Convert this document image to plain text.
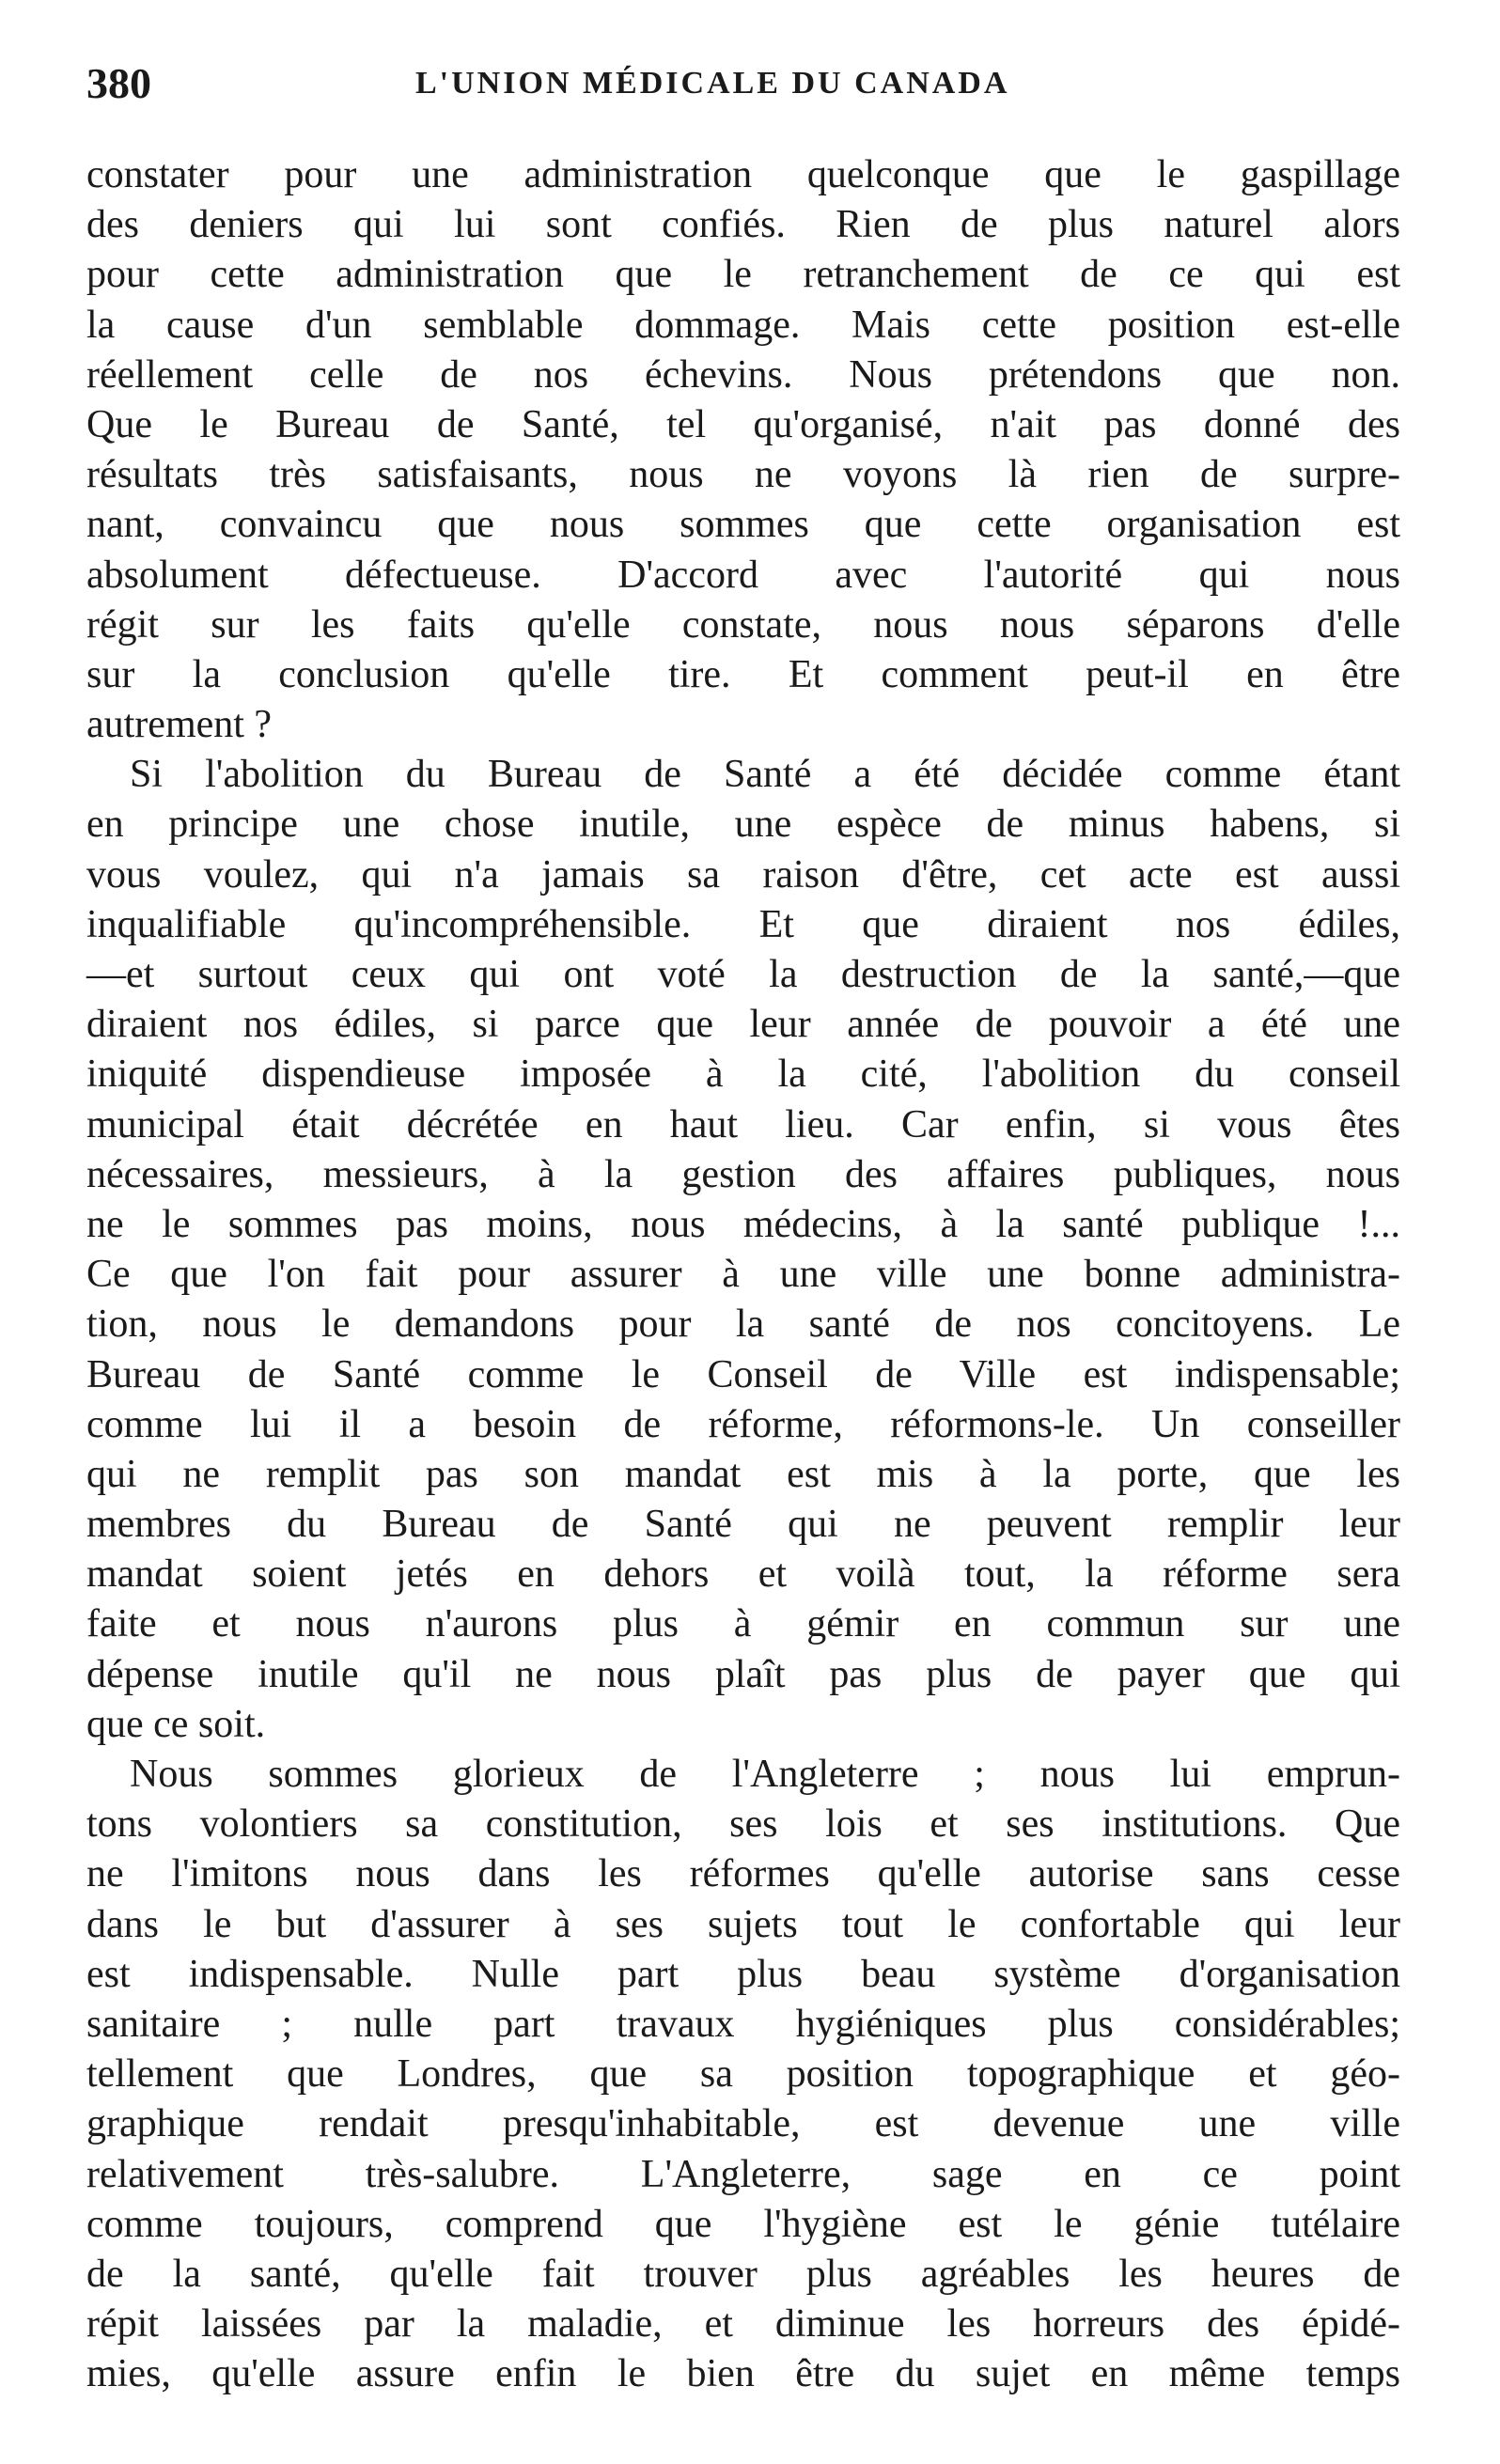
380	L'UNION MÉDICALE DU CANADA
constater pour une administration quelconque que le gaspillage
des deniers qui lui sont confiés. Rien de plus naturel alors
pour cette administration que le retranchement de ce qui est
la cause d'un semblable dommage. Mais cette position est-elle
réellement celle de nos échevins. Nous prétendons que non.
Que le Bureau de Santé, tel qu'organisé, n'ait pas donné des
résultats très satisfaisants, nous ne voyons là rien de surpre-
nant, convaincu que nous sommes que cette organisation est
absolument défectueuse. D'accord avec l'autorité qui nous
régit sur les faits qu'elle constate, nous nous séparons d'elle
sur la conclusion qu'elle tire. Et comment peut-il en être
autrement ?
Si l'abolition du Bureau de Santé a été décidée comme étant
en principe une chose inutile, une espèce de minus habens, si
vous voulez, qui n'a jamais sa raison d'être, cet acte est aussi
inqualifiable qu'incompréhensible. Et que diraient nos édiles,
—et surtout ceux qui ont voté la destruction de la santé,—que
diraient nos édiles, si parce que leur année de pouvoir a été une
iniquité dispendieuse imposée à la cité, l'abolition du conseil
municipal était décrétée en haut lieu. Car enfin, si vous êtes
nécessaires, messieurs, à la gestion des affaires publiques, nous
ne le sommes pas moins, nous médecins, à la santé publique !...
Ce que l'on fait pour assurer à une ville une bonne administra-
tion, nous le demandons pour la santé de nos concitoyens. Le
Bureau de Santé comme le Conseil de Ville est indispensable;
comme lui il a besoin de réforme, réformons-le. Un conseiller
qui ne remplit pas son mandat est mis à la porte, que les
membres du Bureau de Santé qui ne peuvent remplir leur
mandat soient jetés en dehors et voilà tout, la réforme sera
faite et nous n'aurons plus à gémir en commun sur une
dépense inutile qu'il ne nous plaît pas plus de payer que qui
que ce soit.
Nous sommes glorieux de l'Angleterre ; nous lui emprun-
tons volontiers sa constitution, ses lois et ses institutions. Que
ne l'imitons nous dans les réformes qu'elle autorise sans cesse
dans le but d'assurer à ses sujets tout le confortable qui leur
est indispensable. Nulle part plus beau système d'organisation
sanitaire ; nulle part travaux hygiéniques plus considérables;
tellement que Londres, que sa position topographique et géo-
graphique rendait presqu'inhabitable, est devenue une ville
relativement très-salubre. L'Angleterre, sage en ce point
comme toujours, comprend que l'hygiène est le génie tutélaire
de la santé, qu'elle fait trouver plus agréables les heures de
répit laissées par la maladie, et diminue les horreurs des épidé-
mies, qu'elle assure enfin le bien être du sujet en même temps
